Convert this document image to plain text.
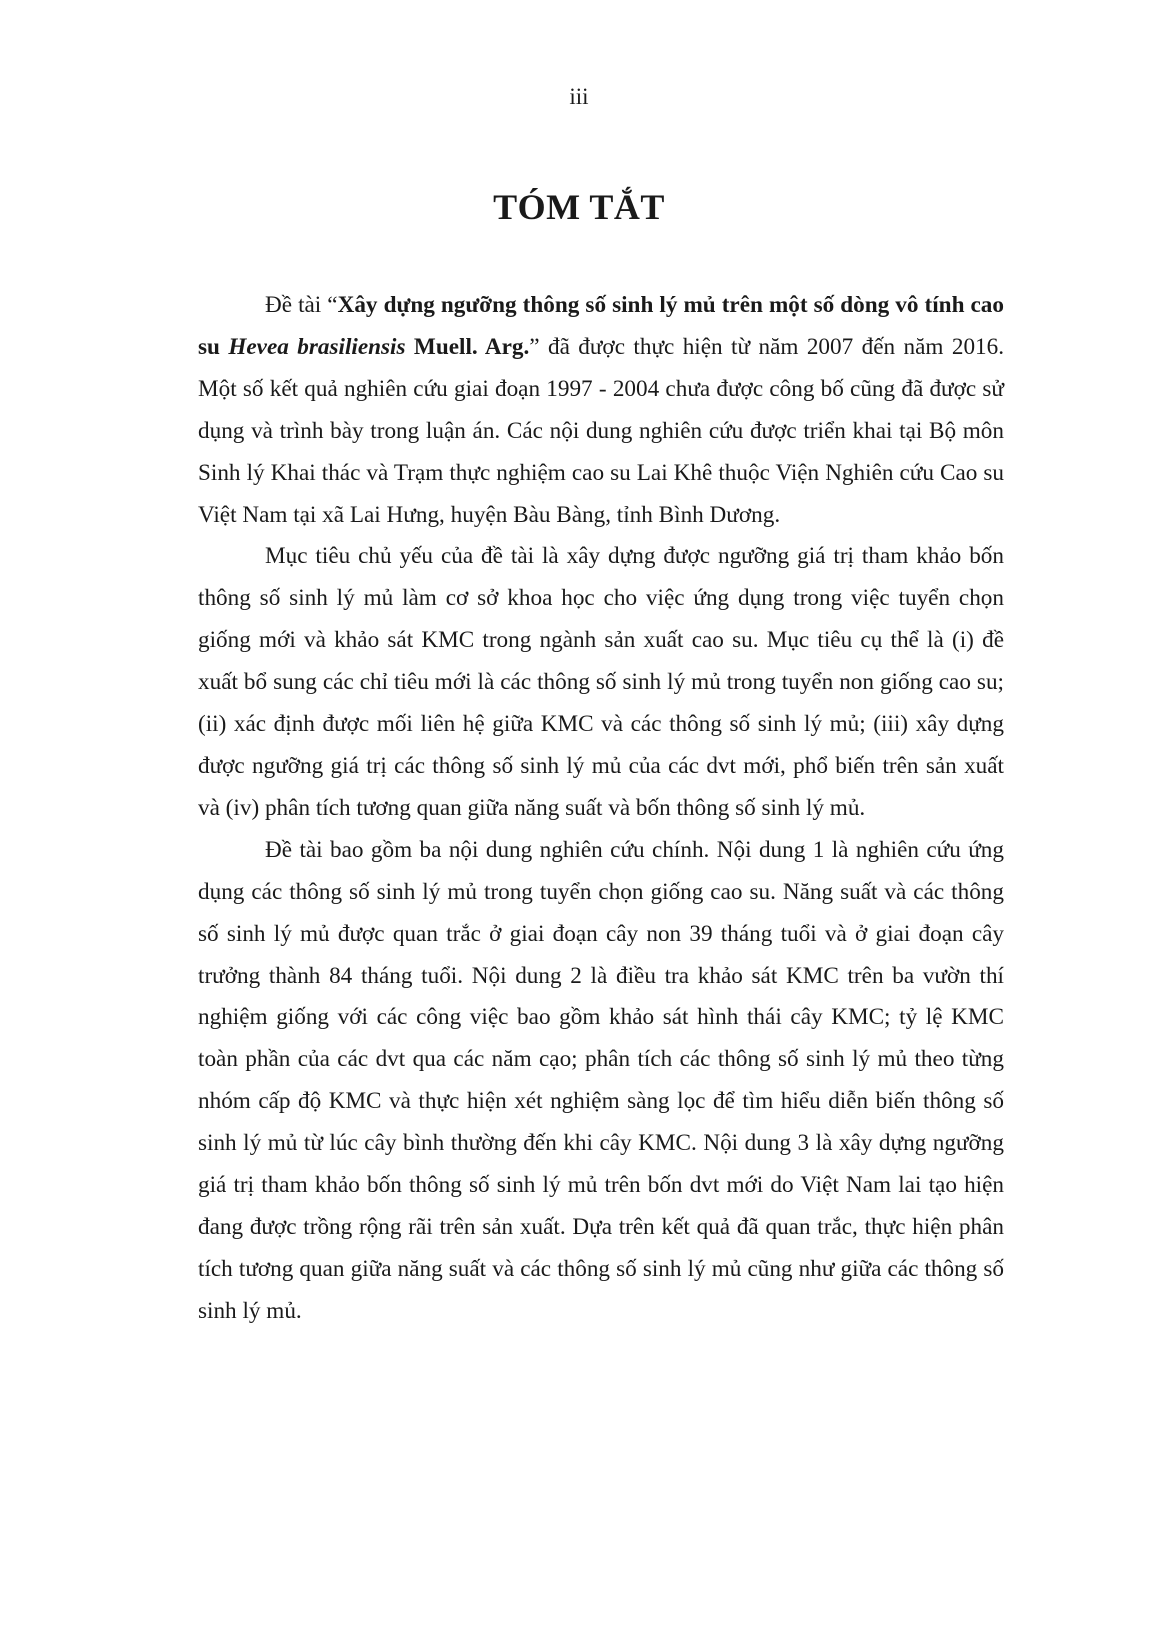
iii
TÓM TẮT

Đề tài “Xây dựng ngưỡng thông số sinh lý mủ trên một số dòng vô tính cao su Hevea brasiliensis Muell. Arg.” đã được thực hiện từ năm 2007 đến năm 2016. Một số kết quả nghiên cứu giai đoạn 1997 - 2004 chưa được công bố cũng đã được sử dụng và trình bày trong luận án. Các nội dung nghiên cứu được triển khai tại Bộ môn Sinh lý Khai thác và Trạm thực nghiệm cao su Lai Khê thuộc Viện Nghiên cứu Cao su Việt Nam tại xã Lai Hưng, huyện Bàu Bàng, tỉnh Bình Dương.

Mục tiêu chủ yếu của đề tài là xây dựng được ngưỡng giá trị tham khảo bốn thông số sinh lý mủ làm cơ sở khoa học cho việc ứng dụng trong việc tuyển chọn giống mới và khảo sát KMC trong ngành sản xuất cao su. Mục tiêu cụ thể là (i) đề xuất bổ sung các chỉ tiêu mới là các thông số sinh lý mủ trong tuyển non giống cao su; (ii) xác định được mối liên hệ giữa KMC và các thông số sinh lý mủ; (iii) xây dựng được ngưỡng giá trị các thông số sinh lý mủ của các dvt mới, phổ biến trên sản xuất và (iv) phân tích tương quan giữa năng suất và bốn thông số sinh lý mủ.

Đề tài bao gồm ba nội dung nghiên cứu chính. Nội dung 1 là nghiên cứu ứng dụng các thông số sinh lý mủ trong tuyển chọn giống cao su. Năng suất và các thông số sinh lý mủ được quan trắc ở giai đoạn cây non 39 tháng tuổi và ở giai đoạn cây trưởng thành 84 tháng tuổi. Nội dung 2 là điều tra khảo sát KMC trên ba vườn thí nghiệm giống với các công việc bao gồm khảo sát hình thái cây KMC; tỷ lệ KMC toàn phần của các dvt qua các năm cạo; phân tích các thông số sinh lý mủ theo từng nhóm cấp độ KMC và thực hiện xét nghiệm sàng lọc để tìm hiểu diễn biến thông số sinh lý mủ từ lúc cây bình thường đến khi cây KMC. Nội dung 3 là xây dựng ngưỡng giá trị tham khảo bốn thông số sinh lý mủ trên bốn dvt mới do Việt Nam lai tạo hiện đang được trồng rộng rãi trên sản xuất. Dựa trên kết quả đã quan trắc, thực hiện phân tích tương quan giữa năng suất và các thông số sinh lý mủ cũng như giữa các thông số sinh lý mủ.
